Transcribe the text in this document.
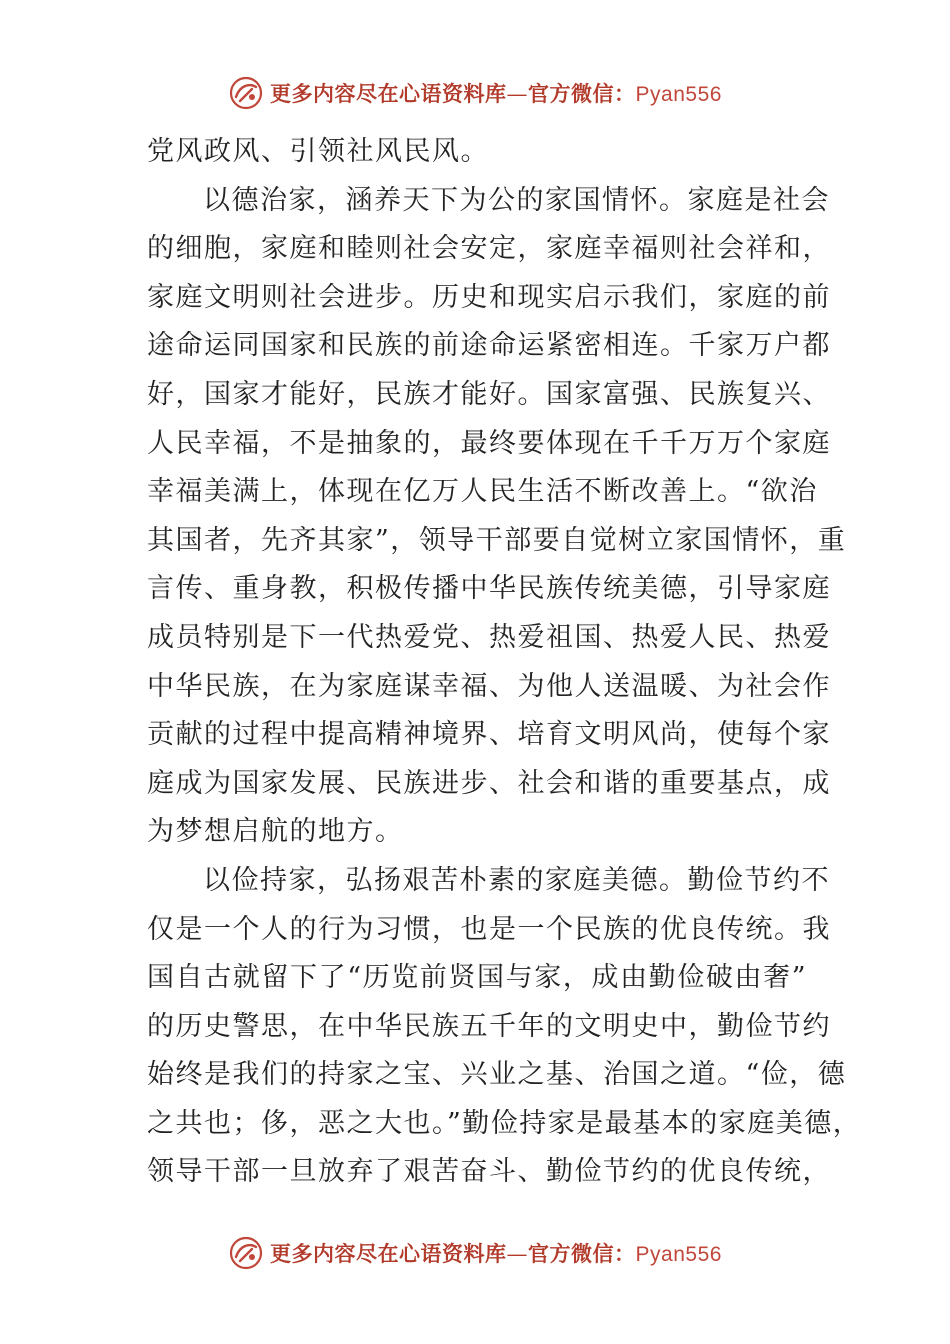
更多内容尽在心语资料库—官方微信：Pyan556
党风政风、引领社风民风。
以德治家，涵养天下为公的家国情怀。家庭是社会
的细胞，家庭和睦则社会安定，家庭幸福则社会祥和，
家庭文明则社会进步。历史和现实启示我们，家庭的前
途命运同国家和民族的前途命运紧密相连。千家万户都
好，国家才能好，民族才能好。国家富强、民族复兴、
人民幸福，不是抽象的，最终要体现在千千万万个家庭
幸福美满上，体现在亿万人民生活不断改善上。“欲治
其国者，先齐其家”，领导干部要自觉树立家国情怀，重
言传、重身教，积极传播中华民族传统美德，引导家庭
成员特别是下一代热爱党、热爱祖国、热爱人民、热爱
中华民族，在为家庭谋幸福、为他人送温暖、为社会作
贡献的过程中提高精神境界、培育文明风尚，使每个家
庭成为国家发展、民族进步、社会和谐的重要基点，成
为梦想启航的地方。
以俭持家，弘扬艰苦朴素的家庭美德。勤俭节约不
仅是一个人的行为习惯，也是一个民族的优良传统。我
国自古就留下了“历览前贤国与家，成由勤俭破由奢”
的历史警思，在中华民族五千年的文明史中，勤俭节约
始终是我们的持家之宝、兴业之基、治国之道。“俭，德
之共也；侈，恶之大也。”勤俭持家是最基本的家庭美德，
领导干部一旦放弃了艰苦奋斗、勤俭节约的优良传统，
更多内容尽在心语资料库—官方微信：Pyan556
